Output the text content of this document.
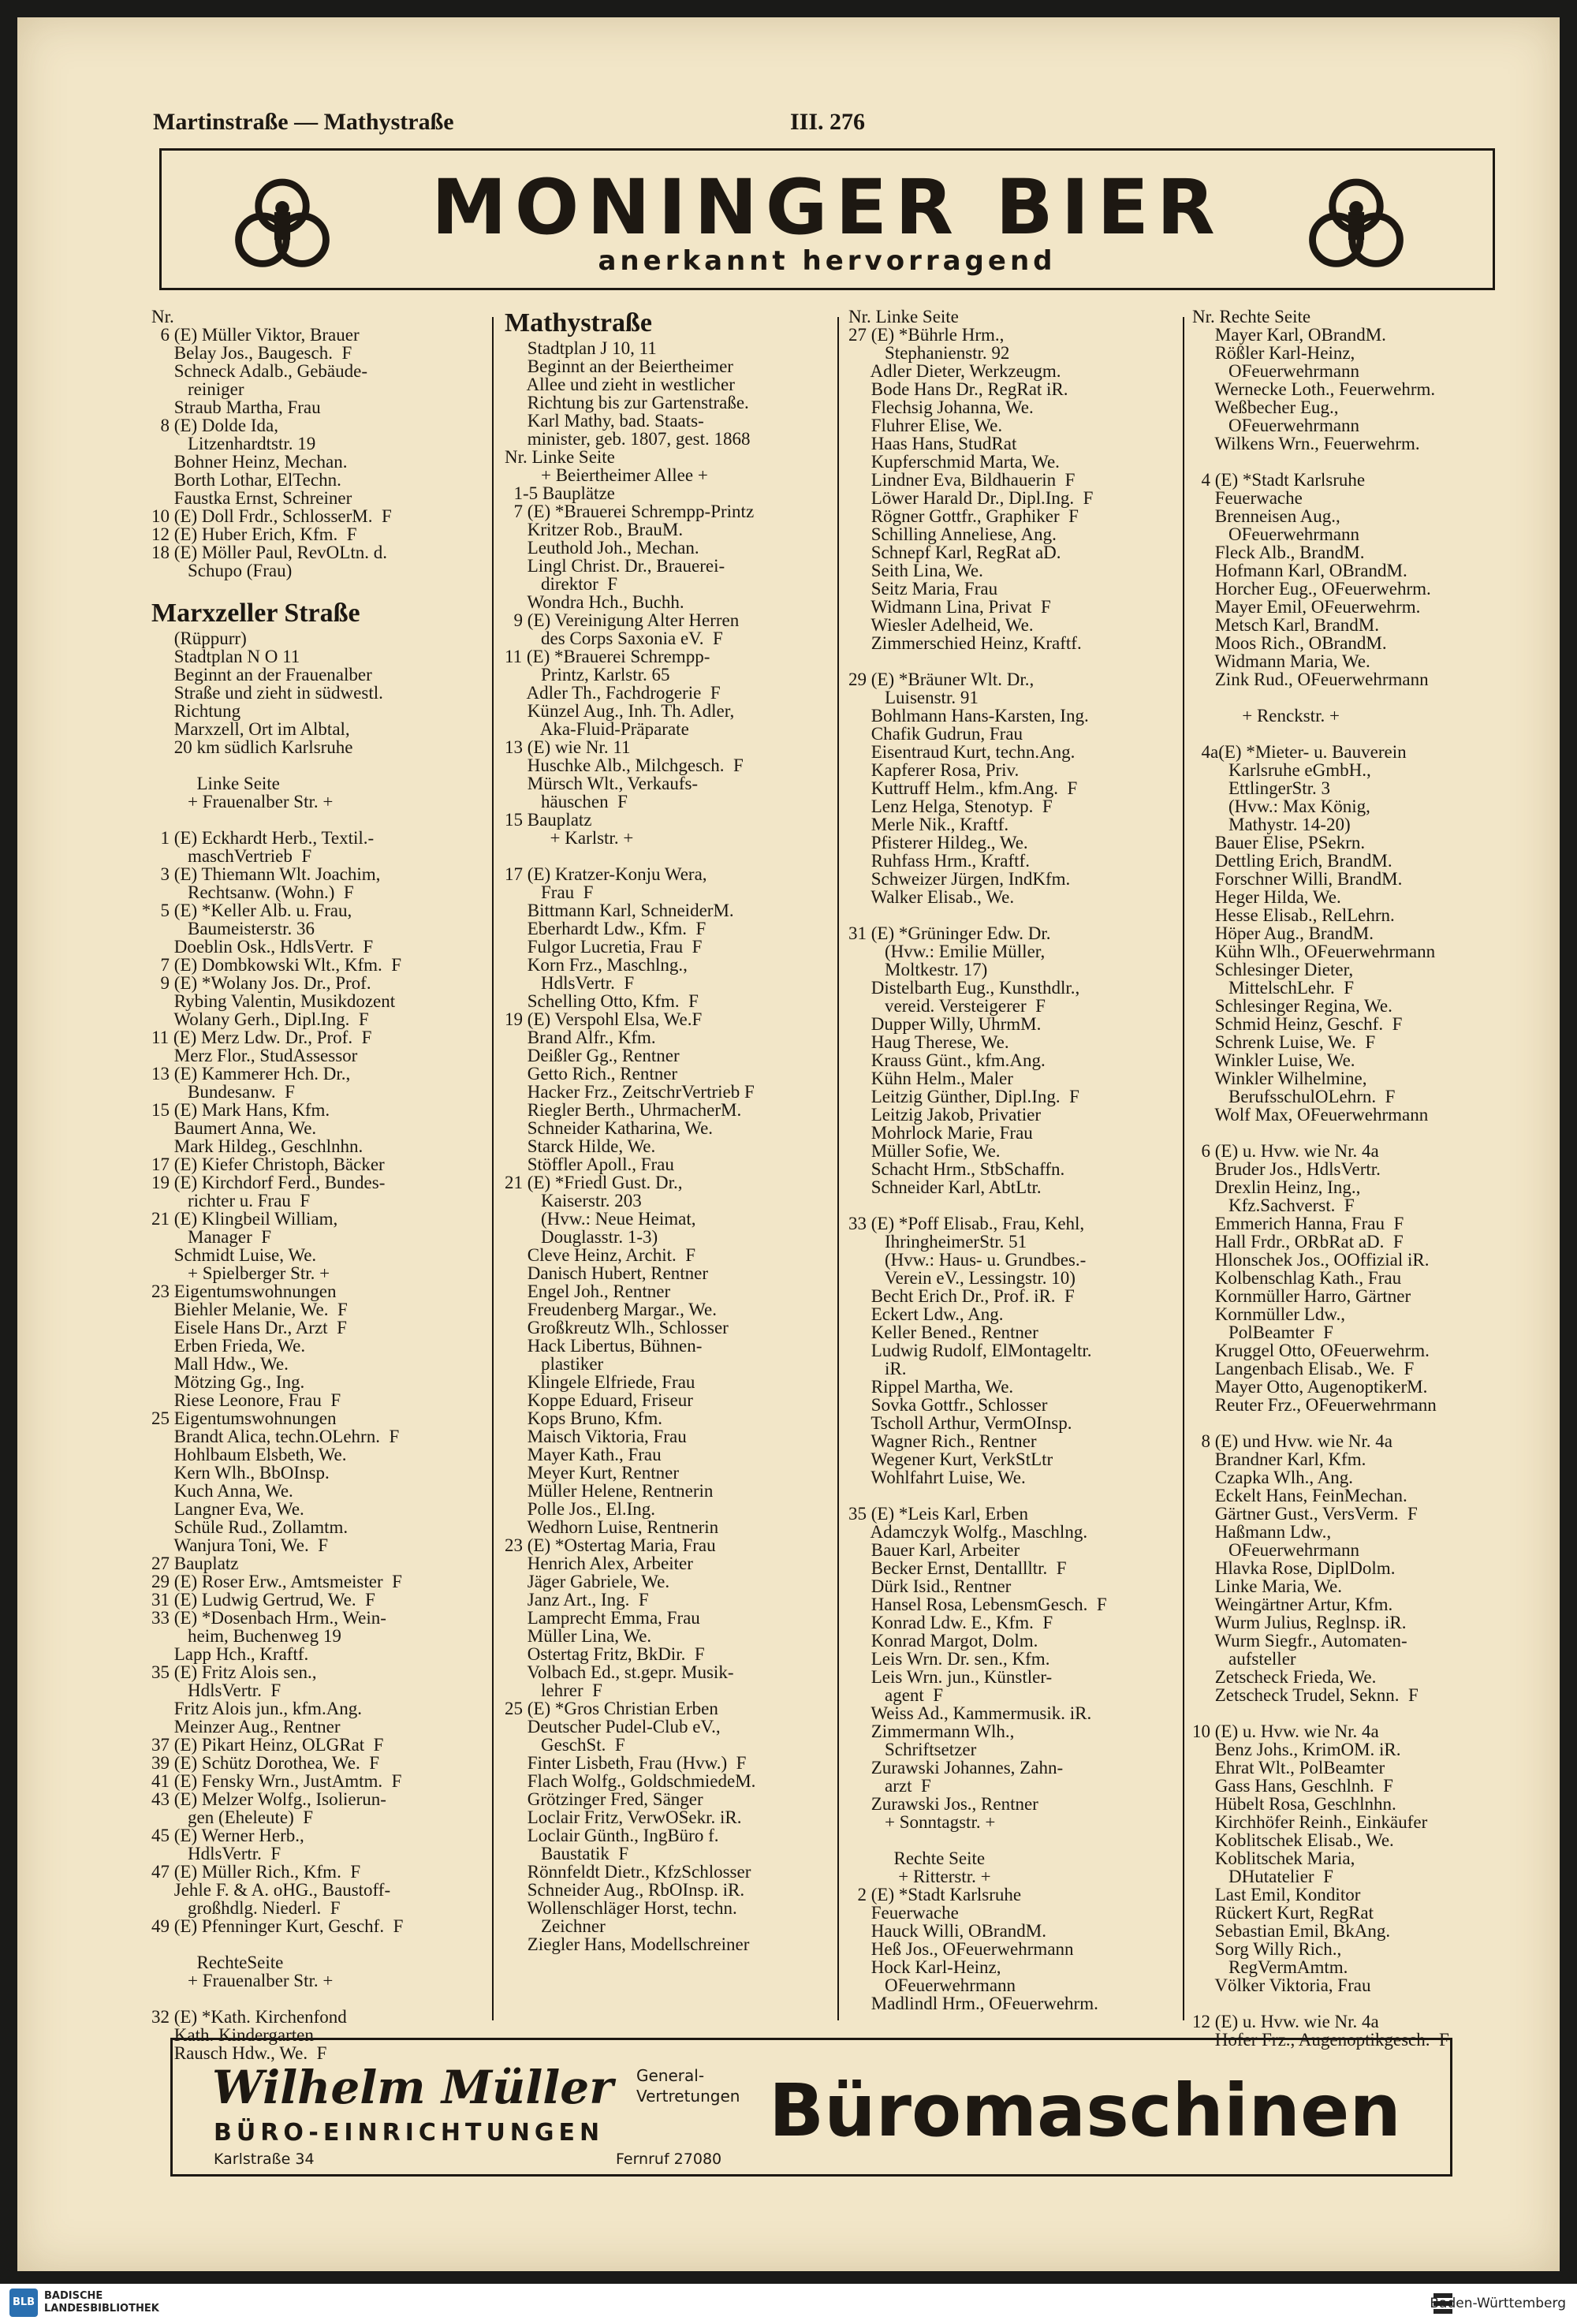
Martinstraße — Mathystraße	III. 276
MONINGER BIER
anerkannt hervorragend
Nr.
6 (E) Müller Viktor, Brauer
Belay Jos., Baugesch.  F
Schneck Adalb., Gebäude-
reiniger
Straub Martha, Frau
8 (E) Dolde Ida,
Litzenhardtstr. 19
Bohner Heinz, Mechan.
Borth Lothar, ElTechn.
Faustka Ernst, Schreiner
10 (E) Doll Frdr., SchlosserM.  F
12 (E) Huber Erich, Kfm.  F
18 (E) Möller Paul, RevOLtn. d.
Schupo (Frau)
Marxzeller Straße
(Rüppurr)
Stadtplan N O 11
Beginnt an der Frauenalber
Straße und zieht in südwestl.
Richtung
Marxzell, Ort im Albtal,
20 km südlich Karlsruhe
Linke Seite
+ Frauenalber Str. +
1 (E) Eckhardt Herb., Textil.-
maschVertrieb  F
3 (E) Thiemann Wlt. Joachim,
Rechtsanw. (Wohn.)  F
5 (E) *Keller Alb. u. Frau,
Baumeisterstr. 36
Doeblin Osk., HdlsVertr.  F
7 (E) Dombkowski Wlt., Kfm.  F
9 (E) *Wolany Jos. Dr., Prof.
Rybing Valentin, Musikdozent
Wolany Gerh., Dipl.Ing.  F
11 (E) Merz Ldw. Dr., Prof.  F
Merz Flor., StudAssessor
13 (E) Kammerer Hch. Dr.,
Bundesanw.  F
15 (E) Mark Hans, Kfm.
Baumert Anna, We.
Mark Hildeg., Geschlnhn.
17 (E) Kiefer Christoph, Bäcker
19 (E) Kirchdorf Ferd., Bundes-
richter u. Frau  F
21 (E) Klingbeil William,
Manager  F
Schmidt Luise, We.
+ Spielberger Str. +
23 Eigentumswohnungen
Biehler Melanie, We.  F
Eisele Hans Dr., Arzt  F
Erben Frieda, We.
Mall Hdw., We.
Mötzing Gg., Ing.
Riese Leonore, Frau  F
25 Eigentumswohnungen
Brandt Alica, techn.OLehrn.  F
Hohlbaum Elsbeth, We.
Kern Wlh., BbOInsp.
Kuch Anna, We.
Langner Eva, We.
Schüle Rud., Zollamtm.
Wanjura Toni, We.  F
27 Bauplatz
29 (E) Roser Erw., Amtsmeister  F
31 (E) Ludwig Gertrud, We.  F
33 (E) *Dosenbach Hrm., Wein-
heim, Buchenweg 19
Lapp Hch., Kraftf.
35 (E) Fritz Alois sen.,
HdlsVertr.  F
Fritz Alois jun., kfm.Ang.
Meinzer Aug., Rentner
37 (E) Pikart Heinz, OLGRat  F
39 (E) Schütz Dorothea, We.  F
41 (E) Fensky Wrn., JustAmtm.  F
43 (E) Melzer Wolfg., Isolierun-
gen (Eheleute)  F
45 (E) Werner Herb.,
HdlsVertr.  F
47 (E) Müller Rich., Kfm.  F
Jehle F. & A. oHG., Baustoff-
großhdlg. Niederl.  F
49 (E) Pfenninger Kurt, Geschf.  F
RechteSeite
+ Frauenalber Str. +
32 (E) *Kath. Kirchenfond
Kath. Kindergarten
Rausch Hdw., We.  F
Mathystraße
Stadtplan J 10, 11
Beginnt an der Beiertheimer
Allee und zieht in westlicher
Richtung bis zur Gartenstraße.
Karl Mathy, bad. Staats-
minister, geb. 1807, gest. 1868
Nr. Linke Seite
+ Beiertheimer Allee +
1-5 Bauplätze
7 (E) *Brauerei Schrempp-Printz
Kritzer Rob., BrauM.
Leuthold Joh., Mechan.
Lingl Christ. Dr., Brauerei-
direktor  F
Wondra Hch., Buchh.
9 (E) Vereinigung Alter Herren
des Corps Saxonia eV.  F
11 (E) *Brauerei Schrempp-
Printz, Karlstr. 65
Adler Th., Fachdrogerie  F
Künzel Aug., Inh. Th. Adler,
Aka-Fluid-Präparate
13 (E) wie Nr. 11
Huschke Alb., Milchgesch.  F
Mürsch Wlt., Verkaufs-
häuschen  F
15 Bauplatz
+ Karlstr. +
17 (E) Kratzer-Konju Wera,
Frau  F
Bittmann Karl, SchneiderM.
Eberhardt Ldw., Kfm.  F
Fulgor Lucretia, Frau  F
Korn Frz., Maschlng.,
HdlsVertr.  F
Schelling Otto, Kfm.  F
19 (E) Verspohl Elsa, We.F
Brand Alfr., Kfm.
Deißler Gg., Rentner
Getto Rich., Rentner
Hacker Frz., ZeitschrVertrieb F
Riegler Berth., UhrmacherM.
Schneider Katharina, We.
Starck Hilde, We.
Stöffler Apoll., Frau
21 (E) *Friedl Gust. Dr.,
Kaiserstr. 203
(Hvw.: Neue Heimat,
Douglasstr. 1-3)
Cleve Heinz, Archit.  F
Danisch Hubert, Rentner
Engel Joh., Rentner
Freudenberg Margar., We.
Großkreutz Wlh., Schlosser
Hack Libertus, Bühnen-
plastiker
Klingele Elfriede, Frau
Koppe Eduard, Friseur
Kops Bruno, Kfm.
Maisch Viktoria, Frau
Mayer Kath., Frau
Meyer Kurt, Rentner
Müller Helene, Rentnerin
Polle Jos., El.Ing.
Wedhorn Luise, Rentnerin
23 (E) *Ostertag Maria, Frau
Henrich Alex, Arbeiter
Jäger Gabriele, We.
Janz Art., Ing.  F
Lamprecht Emma, Frau
Müller Lina, We.
Ostertag Fritz, BkDir.  F
Volbach Ed., st.gepr. Musik-
lehrer  F
25 (E) *Gros Christian Erben
Deutscher Pudel-Club eV.,
GeschSt.  F
Finter Lisbeth, Frau (Hvw.)  F
Flach Wolfg., GoldschmiedeM.
Grötzinger Fred, Sänger
Loclair Fritz, VerwOSekr. iR.
Loclair Günth., IngBüro f.
Baustatik  F
Rönnfeldt Dietr., KfzSchlosser
Schneider Aug., RbOInsp. iR.
Wollenschläger Horst, techn.
Zeichner
Ziegler Hans, Modellschreiner
Nr. Linke Seite
27 (E) *Bührle Hrm.,
Stephanienstr. 92
Adler Dieter, Werkzeugm.
Bode Hans Dr., RegRat iR.
Flechsig Johanna, We.
Fluhrer Elise, We.
Haas Hans, StudRat
Kupferschmid Marta, We.
Lindner Eva, Bildhauerin  F
Löwer Harald Dr., Dipl.Ing.  F
Rögner Gottfr., Graphiker  F
Schilling Anneliese, Ang.
Schnepf Karl, RegRat aD.
Seith Lina, We.
Seitz Maria, Frau
Widmann Lina, Privat  F
Wiesler Adelheid, We.
Zimmerschied Heinz, Kraftf.
29 (E) *Bräuner Wlt. Dr.,
Luisenstr. 91
Bohlmann Hans-Karsten, Ing.
Chafik Gudrun, Frau
Eisentraud Kurt, techn.Ang.
Kapferer Rosa, Priv.
Kuttruff Helm., kfm.Ang.  F
Lenz Helga, Stenotyp.  F
Merle Nik., Kraftf.
Pfisterer Hildeg., We.
Ruhfass Hrm., Kraftf.
Schweizer Jürgen, IndKfm.
Walker Elisab., We.
31 (E) *Grüninger Edw. Dr.
(Hvw.: Emilie Müller,
Moltkestr. 17)
Distelbarth Eug., Kunsthdlr.,
vereid. Versteigerer  F
Dupper Willy, UhrmM.
Haug Therese, We.
Krauss Günt., kfm.Ang.
Kühn Helm., Maler
Leitzig Günther, Dipl.Ing.  F
Leitzig Jakob, Privatier
Mohrlock Marie, Frau
Müller Sofie, We.
Schacht Hrm., StbSchaffn.
Schneider Karl, AbtLtr.
33 (E) *Poff Elisab., Frau, Kehl,
IhringheimerStr. 51
(Hvw.: Haus- u. Grundbes.-
Verein eV., Lessingstr. 10)
Becht Erich Dr., Prof. iR.  F
Eckert Ldw., Ang.
Keller Bened., Rentner
Ludwig Rudolf, ElMontageltr.
iR.
Rippel Martha, We.
Sovka Gottfr., Schlosser
Tscholl Arthur, VermOInsp.
Wagner Rich., Rentner
Wegener Kurt, VerkStLtr
Wohlfahrt Luise, We.
35 (E) *Leis Karl, Erben
Adamczyk Wolfg., Maschlng.
Bauer Karl, Arbeiter
Becker Ernst, Dentallltr.  F
Dürk Isid., Rentner
Hansel Rosa, LebensmGesch.  F
Konrad Ldw. E., Kfm.  F
Konrad Margot, Dolm.
Leis Wrn. Dr. sen., Kfm.
Leis Wrn. jun., Künstler-
agent  F
Weiss Ad., Kammermusik. iR.
Zimmermann Wlh.,
Schriftsetzer
Zurawski Johannes, Zahn-
arzt  F
Zurawski Jos., Rentner
+ Sonntagstr. +
Rechte Seite
+ Ritterstr. +
2 (E) *Stadt Karlsruhe
Feuerwache
Hauck Willi, OBrandM.
Heß Jos., OFeuerwehrmann
Hock Karl-Heinz,
OFeuerwehrmann
Madlindl Hrm., OFeuerwehrm.
Nr. Rechte Seite
Mayer Karl, OBrandM.
Rößler Karl-Heinz,
OFeuerwehrmann
Wernecke Loth., Feuerwehrm.
Weßbecher Eug.,
OFeuerwehrmann
Wilkens Wrn., Feuerwehrm.
4 (E) *Stadt Karlsruhe
Feuerwache
Brenneisen Aug.,
OFeuerwehrmann
Fleck Alb., BrandM.
Hofmann Karl, OBrandM.
Horcher Eug., OFeuerwehrm.
Mayer Emil, OFeuerwehrm.
Metsch Karl, BrandM.
Moos Rich., OBrandM.
Widmann Maria, We.
Zink Rud., OFeuerwehrmann
+ Renckstr. +
4a(E) *Mieter- u. Bauverein
Karlsruhe eGmbH.,
EttlingerStr. 3
(Hvw.: Max König,
Mathystr. 14-20)
Bauer Elise, PSekrn.
Dettling Erich, BrandM.
Forschner Willi, BrandM.
Heger Hilda, We.
Hesse Elisab., RelLehrn.
Höper Aug., BrandM.
Kühn Wlh., OFeuerwehrmann
Schlesinger Dieter,
MittelschLehr.  F
Schlesinger Regina, We.
Schmid Heinz, Geschf.  F
Schrenk Luise, We.  F
Winkler Luise, We.
Winkler Wilhelmine,
BerufsschulOLehrn.  F
Wolf Max, OFeuerwehrmann
6 (E) u. Hvw. wie Nr. 4a
Bruder Jos., HdlsVertr.
Drexlin Heinz, Ing.,
Kfz.Sachverst.  F
Emmerich Hanna, Frau  F
Hall Frdr., ORbRat aD.  F
Hlonschek Jos., OOffizial iR.
Kolbenschlag Kath., Frau
Kornmüller Harro, Gärtner
Kornmüller Ldw.,
PolBeamter  F
Kruggel Otto, OFeuerwehrm.
Langenbach Elisab., We.  F
Mayer Otto, AugenoptikerM.
Reuter Frz., OFeuerwehrmann
8 (E) und Hvw. wie Nr. 4a
Brandner Karl, Kfm.
Czapka Wlh., Ang.
Eckelt Hans, FeinMechan.
Gärtner Gust., VersVerm.  F
Haßmann Ldw.,
OFeuerwehrmann
Hlavka Rose, DiplDolm.
Linke Maria, We.
Weingärtner Artur, Kfm.
Wurm Julius, Reglnsp. iR.
Wurm Siegfr., Automaten-
aufsteller
Zetscheck Frieda, We.
Zetscheck Trudel, Seknn.  F
10 (E) u. Hvw. wie Nr. 4a
Benz Johs., KrimOM. iR.
Ehrat Wlt., PolBeamter
Gass Hans, Geschlnh.  F
Hübelt Rosa, Geschlnhn.
Kirchhöfer Reinh., Einkäufer
Koblitschek Elisab., We.
Koblitschek Maria,
DHutatelier  F
Last Emil, Konditor
Rückert Kurt, RegRat
Sebastian Emil, BkAng.
Sorg Willy Rich.,
RegVermAmtm.
Völker Viktoria, Frau
12 (E) u. Hvw. wie Nr. 4a
Hofer Frz., Augenoptikgesch.  F
Wilhelm Müller General-
Vertretungen
BÜRO-EINRICHTUNGEN
Karlstraße 34	Fernruf 27080
Büromaschinen
BLB
BADISCHE
LANDESBIBLIOTHEK	Baden-Württemberg
